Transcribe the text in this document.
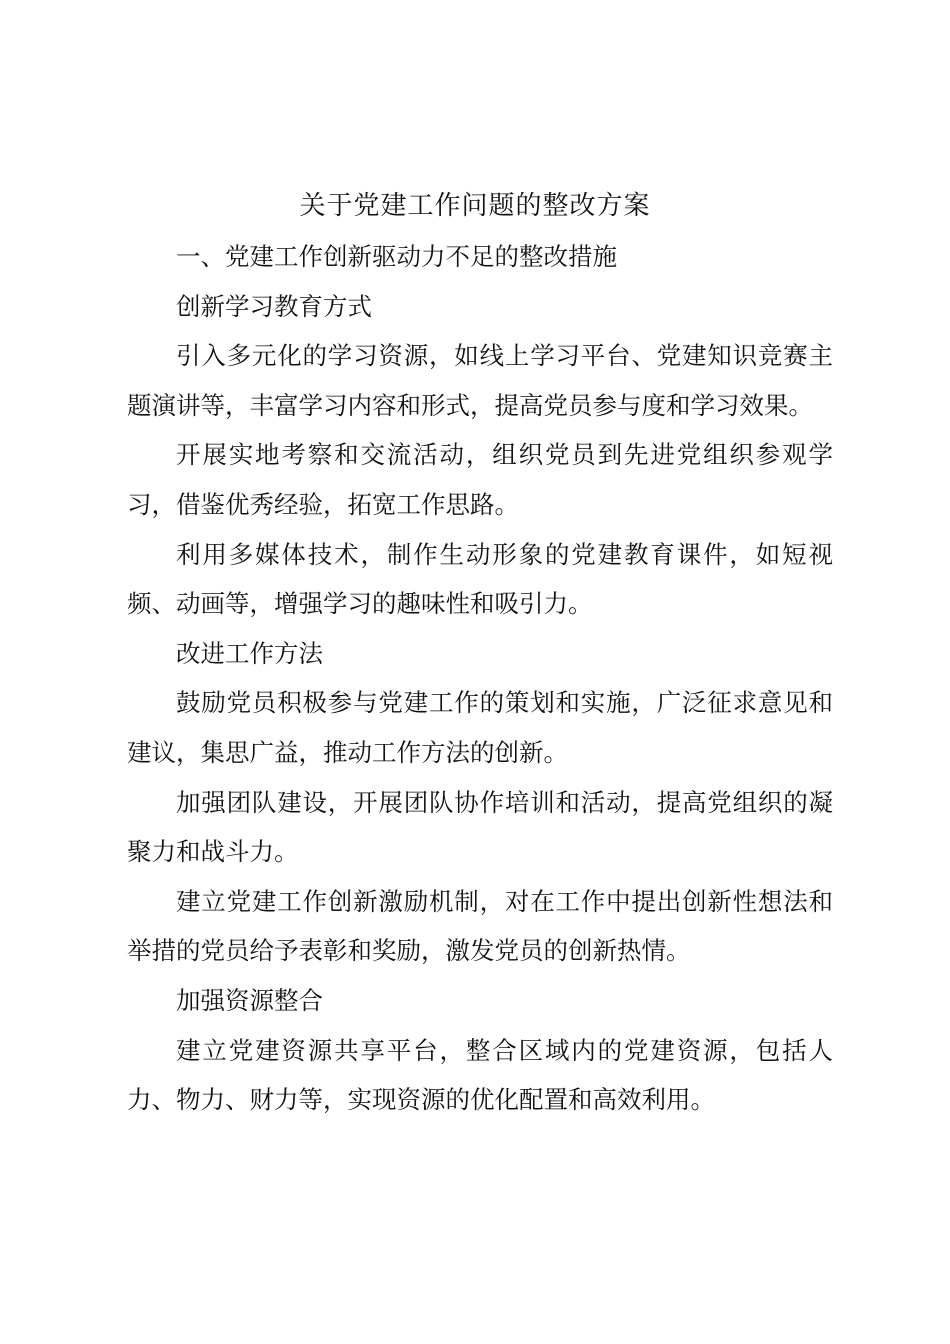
关于党建工作问题的整改方案

一、党建工作创新驱动力不足的整改措施

创新学习教育方式

引入多元化的学习资源，如线上学习平台、党建知识竞赛主题演讲等，丰富学习内容和形式，提高党员参与度和学习效果。

开展实地考察和交流活动，组织党员到先进党组织参观学习，借鉴优秀经验，拓宽工作思路。

利用多媒体技术，制作生动形象的党建教育课件，如短视频、动画等，增强学习的趣味性和吸引力。

改进工作方法

鼓励党员积极参与党建工作的策划和实施，广泛征求意见和建议，集思广益，推动工作方法的创新。

加强团队建设，开展团队协作培训和活动，提高党组织的凝聚力和战斗力。

建立党建工作创新激励机制，对在工作中提出创新性想法和举措的党员给予表彰和奖励，激发党员的创新热情。

加强资源整合

建立党建资源共享平台，整合区域内的党建资源，包括人力、物力、财力等，实现资源的优化配置和高效利用。
